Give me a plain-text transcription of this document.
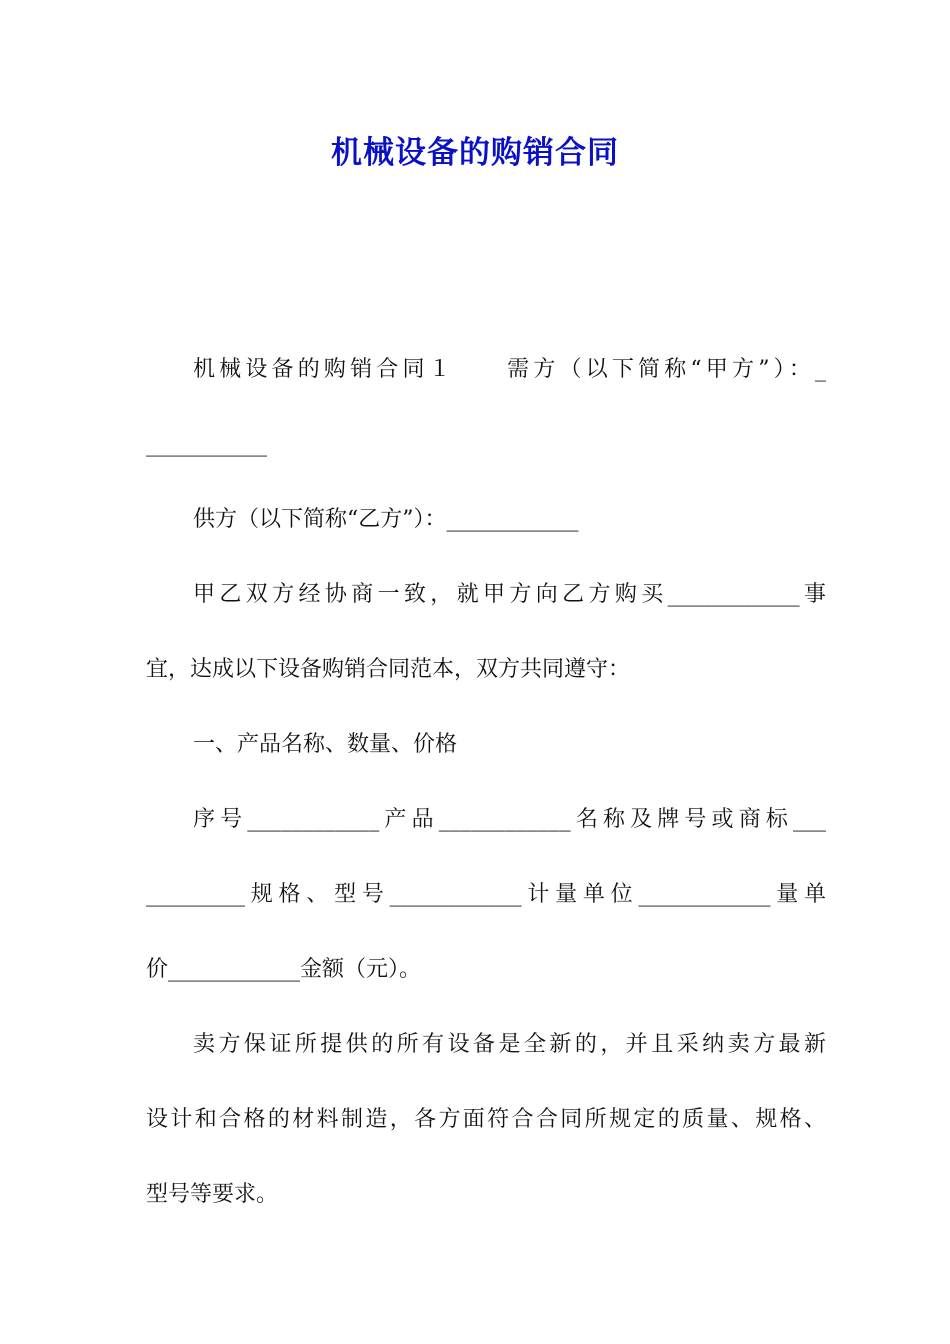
机械设备的购销合同
机械设备的购销合同１　　需方（以下简称“甲方”）：_
___________
供方（以下简称“乙方”）：____________
甲乙双方经协商一致，就甲方向乙方购买____________事
宜，达成以下设备购销合同范本，双方共同遵守：
一、产品名称、数量、价格
序号____________产品____________名称及牌号或商标___
_________规格、型号____________计量单位____________量单
价____________金额（元）。
卖方保证所提供的所有设备是全新的，并且采纳卖方最新
设计和合格的材料制造，各方面符合合同所规定的质量、规格、
型号等要求。
